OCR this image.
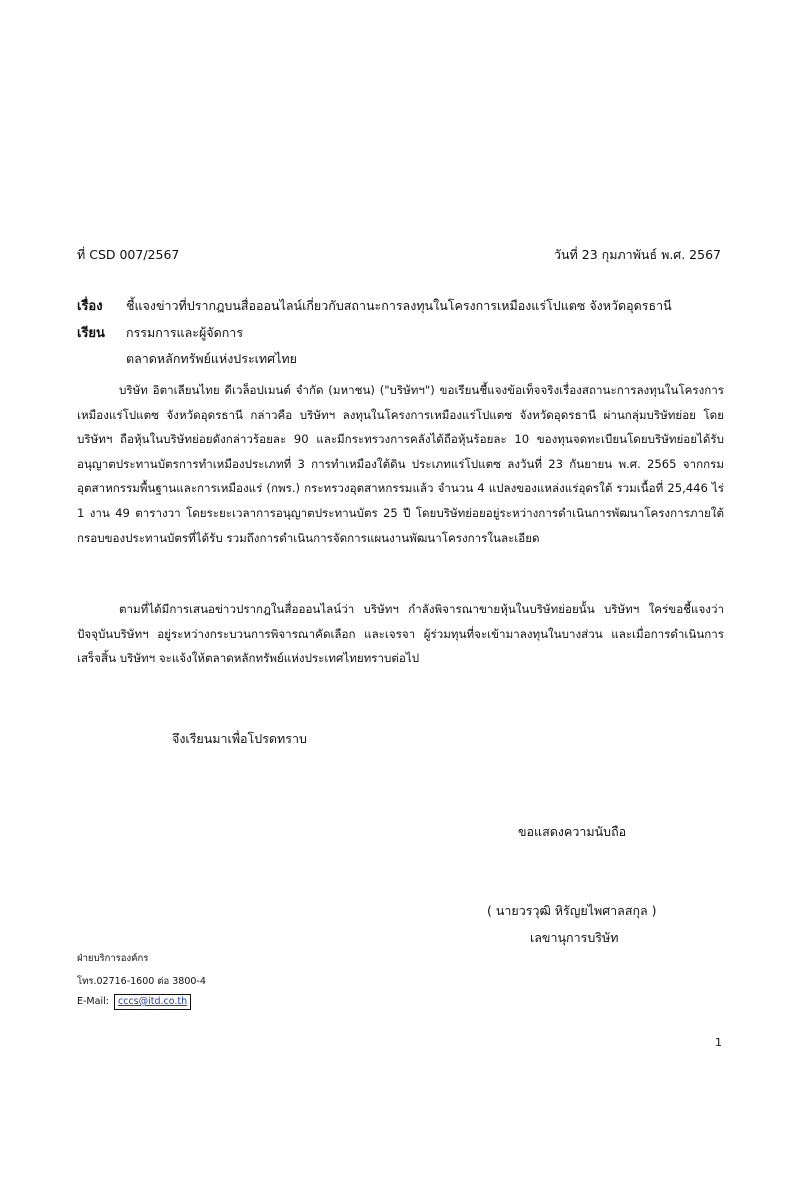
ที่ CSD 007/2567	วันที่ 23 กุมภาพันธ์ พ.ศ. 2567
เรื่อง ชี้แจงข่าวที่ปรากฎบนสื่อออนไลน์เกี่ยวกับสถานะการลงทุนในโครงการเหมืองแร่โปแตซ จังหวัดอุดรธานี
เรียน กรรมการและผู้จัดการ
ตลาดหลักทรัพย์แห่งประเทศไทย

บริษัท อิตาเลียนไทย ดีเวล็อปเมนต์ จำกัด (มหาชน) ("บริษัทฯ") ขอเรียนชี้แจงข้อเท็จจริงเรื่องสถานะการลงทุนในโครงการเหมืองแร่โปแตซ จังหวัดอุดรธานี กล่าวคือ บริษัทฯ ลงทุนในโครงการเหมืองแร่โปแตซ จังหวัดอุดรธานี ผ่านกลุ่มบริษัทย่อย โดยบริษัทฯ ถือหุ้นในบริษัทย่อยดังกล่าวร้อยละ 90 และมีกระทรวงการคลังได้ถือหุ้นร้อยละ 10 ของทุนจดทะเบียนโดยบริษัทย่อยได้รับอนุญาตประทานบัตรการทำเหมืองประเภทที่ 3 การทำเหมืองใต้ดิน ประเภทแร่โปแตซ ลงวันที่ 23 กันยายน พ.ศ. 2565 จากกรมอุตสาหกรรมพื้นฐานและการเหมืองแร่ (กพร.) กระทรวงอุตสาหกรรมแล้ว จำนวน 4 แปลงของแหล่งแร่อุดรใต้ รวมเนื้อที่ 25,446 ไร่ 1 งาน 49 ตารางวา โดยระยะเวลาการอนุญาตประทานบัตร 25 ปี โดยบริษัทย่อยอยู่ระหว่างการดำเนินการพัฒนาโครงการภายใต้กรอบของประทานบัตรที่ได้รับ รวมถึงการดำเนินการจัดการแผนงานพัฒนาโครงการในละเอียด

ตามที่ได้มีการเสนอข่าวปรากฎในสื่อออนไลน์ว่า บริษัทฯ กำลังพิจารณาขายหุ้นในบริษัทย่อยนั้น บริษัทฯ ใคร่ขอชี้แจงว่าปัจจุบันบริษัทฯ อยู่ระหว่างกระบวนการพิจารณาคัดเลือก และเจรจา ผู้ร่วมทุนที่จะเข้ามาลงทุนในบางส่วน และเมื่อการดำเนินการเสร็จสิ้น บริษัทฯ จะแจ้งให้ตลาดหลักทรัพย์แห่งประเทศไทยทราบต่อไป

จึงเรียนมาเพื่อโปรดทราบ
ขอแสดงความนับถือ
( นายวรวุฒิ หิรัญยไพศาลสกุล )
เลขานุการบริษัท
ฝ่ายบริการองค์กร
โทร.02716-1600 ต่อ 3800-4
E-Mail: cccs@itd.co.th
1
